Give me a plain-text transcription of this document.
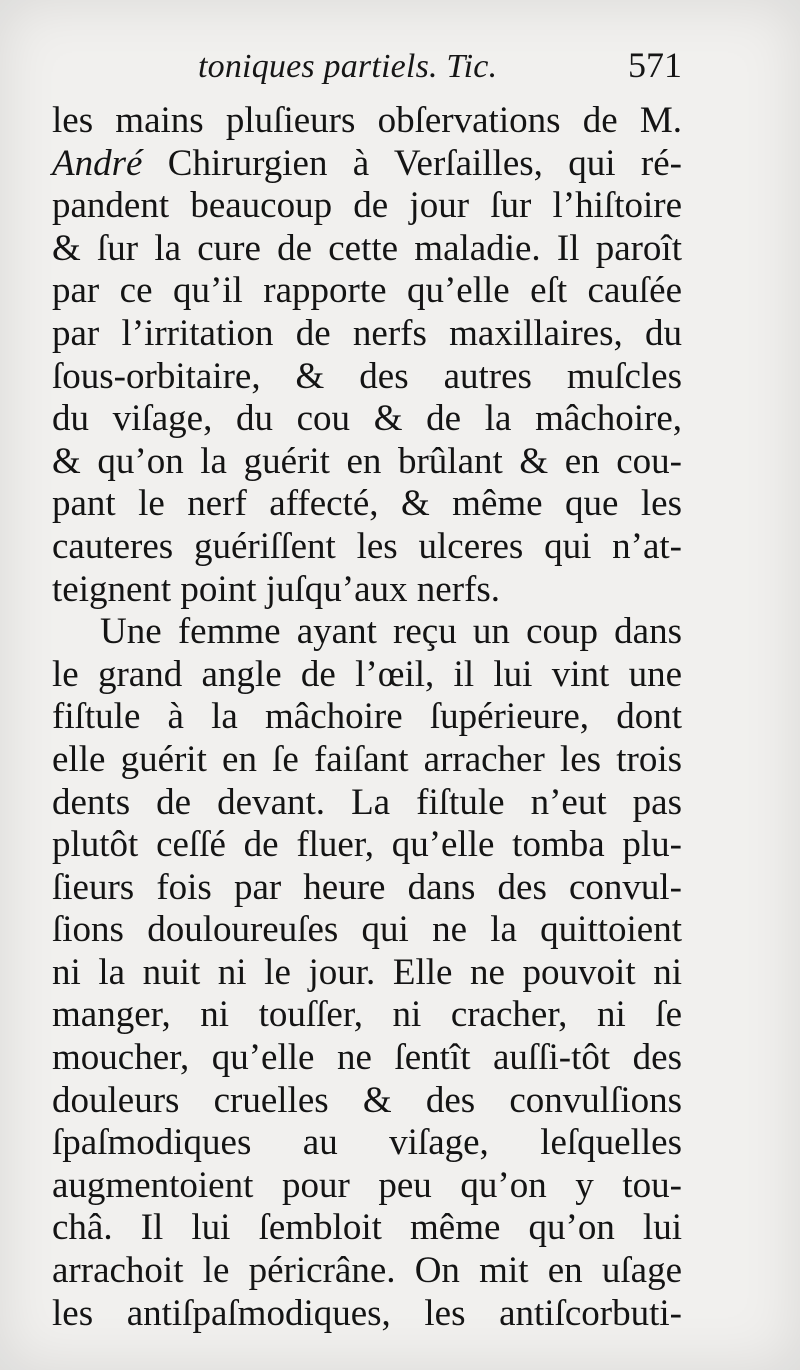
toniques partiels. Tic.	571
les mains pluſieurs obſervations de M.
André Chirurgien à Verſailles, qui ré-
pandent beaucoup de jour ſur l’hiſtoire
& ſur la cure de cette maladie. Il paroît
par ce qu’il rapporte qu’elle eſt cauſée
par l’irritation de nerfs maxillaires, du
ſous-orbitaire, & des autres muſcles
du viſage, du cou & de la mâchoire,
& qu’on la guérit en brûlant & en cou-
pant le nerf affecté, & même que les
cauteres guériſſent les ulceres qui n’at-
teignent point juſqu’aux nerfs.
Une femme ayant reçu un coup dans
le grand angle de l’œil, il lui vint une
fiſtule à la mâchoire ſupérieure, dont
elle guérit en ſe faiſant arracher les trois
dents de devant. La fiſtule n’eut pas
plutôt ceſſé de fluer, qu’elle tomba plu-
ſieurs fois par heure dans des convul-
ſions douloureuſes qui ne la quittoient
ni la nuit ni le jour. Elle ne pouvoit ni
manger, ni touſſer, ni cracher, ni ſe
moucher, qu’elle ne ſentît auſſi-tôt des
douleurs cruelles & des convulſions
ſpaſmodiques au viſage, leſquelles
augmentoient pour peu qu’on y tou-
châ. Il lui ſembloit même qu’on lui
arrachoit le péricrâne. On mit en uſage
les antiſpaſmodiques, les antiſcorbuti-
